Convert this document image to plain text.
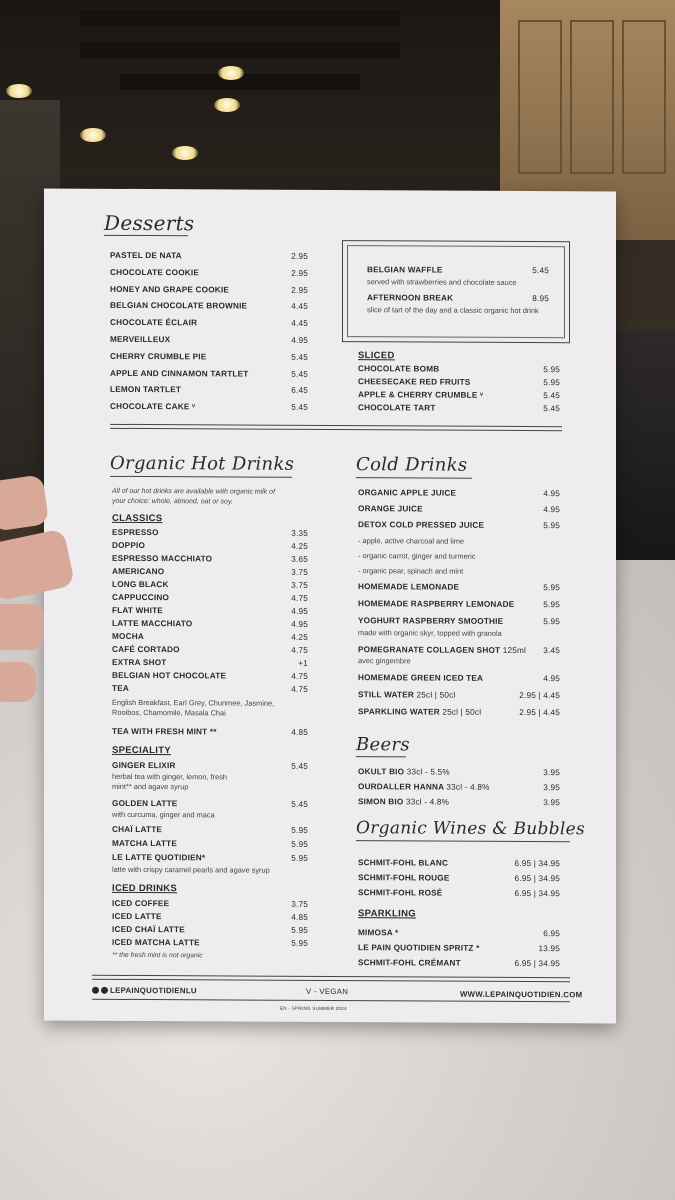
Desserts
PASTEL DE NATA	2.95
CHOCOLATE COOKIE	2.95
HONEY AND GRAPE COOKIE	2.95
BELGIAN CHOCOLATE BROWNIE	4.45
CHOCOLATE ÉCLAIR	4.45
MERVEILLEUX	4.95
CHERRY CRUMBLE PIE	5.45
APPLE AND CINNAMON TARTLET	5.45
LEMON TARTLET	6.45
CHOCOLATE CAKE ᵛ	5.45
BELGIAN WAFFLE	5.45
served with strawberries and chocolate sauce
AFTERNOON BREAK	8.95
slice of tart of the day and a classic organic hot drink
SLICED
CHOCOLATE BOMB	5.95
CHEESECAKE RED FRUITS	5.95
APPLE & CHERRY CRUMBLE ᵛ	5.45
CHOCOLATE TART	5.45
Organic Hot Drinks
All of our hot drinks are available with organic milk of your choice: whole, almond, oat or soy.
CLASSICS
ESPRESSO	3.35
DOPPIO	4.25
ESPRESSO MACCHIATO	3.65
AMERICANO	3.75
LONG BLACK	3.75
CAPPUCCINO	4.75
FLAT WHITE	4.95
LATTE MACCHIATO	4.95
MOCHA	4.25
CAFÉ CORTADO	4.75
EXTRA SHOT	+1
BELGIAN HOT CHOCOLATE	4.75
TEA	4.75
English Breakfast, Earl Grey, Chunmee, Jasmine, Rooibos, Chamomile, Masala Chai
TEA WITH FRESH MINT **	4.85
SPECIALITY
GINGER ELIXIR	5.45
herbal tea with ginger, lemon, fresh mint** and agave syrup
GOLDEN LATTE	5.45
with curcuma, ginger and maca
CHAÏ LATTE	5.95
MATCHA LATTE	5.95
LE LATTE QUOTIDIEN*	5.95
latte with crispy caramel pearls and agave syrup
ICED DRINKS
ICED COFFEE	3.75
ICED LATTE	4.85
ICED CHAÏ LATTE	5.95
ICED MATCHA LATTE	5.95
** the fresh mint is not organic
Cold Drinks
ORGANIC APPLE JUICE	4.95
ORANGE JUICE	4.95
DETOX COLD PRESSED JUICE	5.95
- apple, active charcoal and lime
- organic carrot, ginger and turmeric
- organic pear, spinach and mint
HOMEMADE LEMONADE	5.95
HOMEMADE RASPBERRY LEMONADE	5.95
YOGHURT RASPBERRY SMOOTHIE	5.95
made with organic skyr, topped with granola
POMEGRANATE COLLAGEN SHOT 125ml 3.45
avec gingembre
HOMEMADE GREEN ICED TEA	4.95
STILL WATER 25cl | 50cl	2.95 | 4.45
SPARKLING WATER 25cl | 50cl	2.95 | 4.45
Beers
OKULT BIO 33cl - 5.5%	3.95
OURDALLER HANNA 33cl - 4.8%	3.95
SIMON BIO 33cl - 4.8%	3.95
Organic Wines & Bubbles
SCHMIT-FOHL BLANC	6.95 | 34.95
SCHMIT-FOHL ROUGE	6.95 | 34.95
SCHMIT-FOHL ROSÉ	6.95 | 34.95
SPARKLING
MIMOSA *	6.95
LE PAIN QUOTIDIEN SPRITZ *	13.95
SCHMIT-FOHL CRÉMANT	6.95 | 34.95
LEPAINQUOTIDIENLU	V - VEGAN	WWW.LEPAINQUOTIDIEN.COM
EN - SPRING SUMMER 2024
